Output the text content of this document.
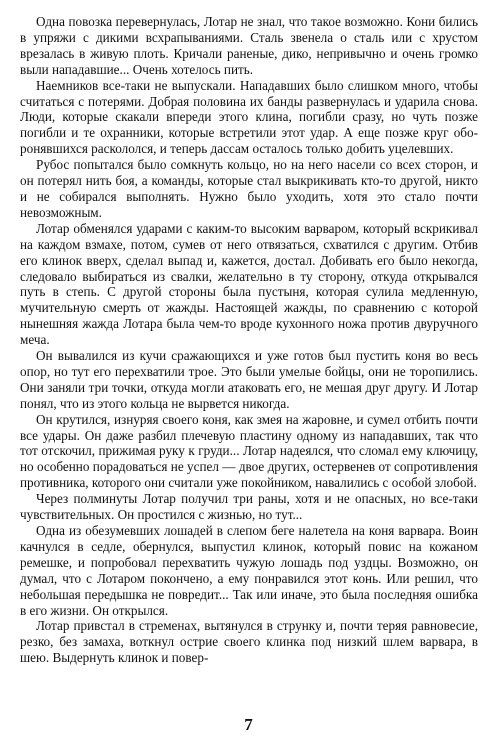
Одна повозка перевернулась, Лотар не знал, что такое возможно. Кони бились в упряжи с дикими всхрапываниями. Сталь звенела о сталь или с хрустом врезалась в живую плоть. Кричали раненые, дико, непривычно и очень громко выли нападавшие... Очень хотелось пить.

Наемников все-таки не выпускали. Нападавших было слишком много, чтобы считаться с потерями. Добрая половина их банды развернулась и ударила снова. Люди, которые скакали впереди этого клина, погибли сразу, но чуть позже погибли и те охранники, которые встретили этот удар. А еще позже круг оборонявшихся раскололся, и теперь дассам осталось только добить уцелевших.

Рубос попытался было сомкнуть кольцо, но на него насели со всех сторон, и он потерял нить боя, а команды, которые стал выкрикивать кто-то другой, никто и не собирался выполнять. Нужно было уходить, хотя это стало почти невозможным.

Лотар обменялся ударами с каким-то высоким варваром, который вскрикивал на каждом взмахе, потом, сумев от него отвязаться, схватился с другим. Отбив его клинок вверх, сделал выпад и, кажется, достал. Добивать его было некогда, следовало выбираться из свалки, желательно в ту сторону, откуда открывался путь в степь. С другой стороны была пустыня, которая сулила медленную, мучительную смерть от жажды. Настоящей жажды, по сравнению с которой нынешняя жажда Лотара была чем-то вроде кухонного ножа против двуручного меча.

Он вывалился из кучи сражающихся и уже готов был пустить коня во весь опор, но тут его перехватили трое. Это были умелые бойцы, они не торопились. Они заняли три точки, откуда могли атаковать его, не мешая друг другу. И Лотар понял, что из этого кольца не вырвется никогда.

Он крутился, изнуряя своего коня, как змея на жаровне, и сумел отбить почти все удары. Он даже разбил плечевую пластину одному из нападавших, так что тот отскочил, прижимая руку к груди... Лотар надеялся, что сломал ему ключицу, но особенно порадоваться не успел — двое других, остервенев от сопротивления противника, которого они считали уже покойником, навалились с особой злобой.

Через полминуты Лотар получил три раны, хотя и не опасных, но все-таки чувствительных. Он простился с жизнью, но тут...

Одна из обезумевших лошадей в слепом беге налетела на коня варвара. Воин качнулся в седле, обернулся, выпустил клинок, который повис на кожаном ремешке, и попробовал перехватить чужую лошадь под уздцы. Возможно, он думал, что с Лотаром покончено, а ему понравился этот конь. Или решил, что небольшая передышка не повредит... Так или иначе, это была последняя ошибка в его жизни. Он открылся.

Лотар привстал в стременах, вытянулся в струнку и, почти теряя равновесие, резко, без замаха, воткнул острие своего клинка под низкий шлем варвара, в шею. Выдернуть клинок и повер-

7
